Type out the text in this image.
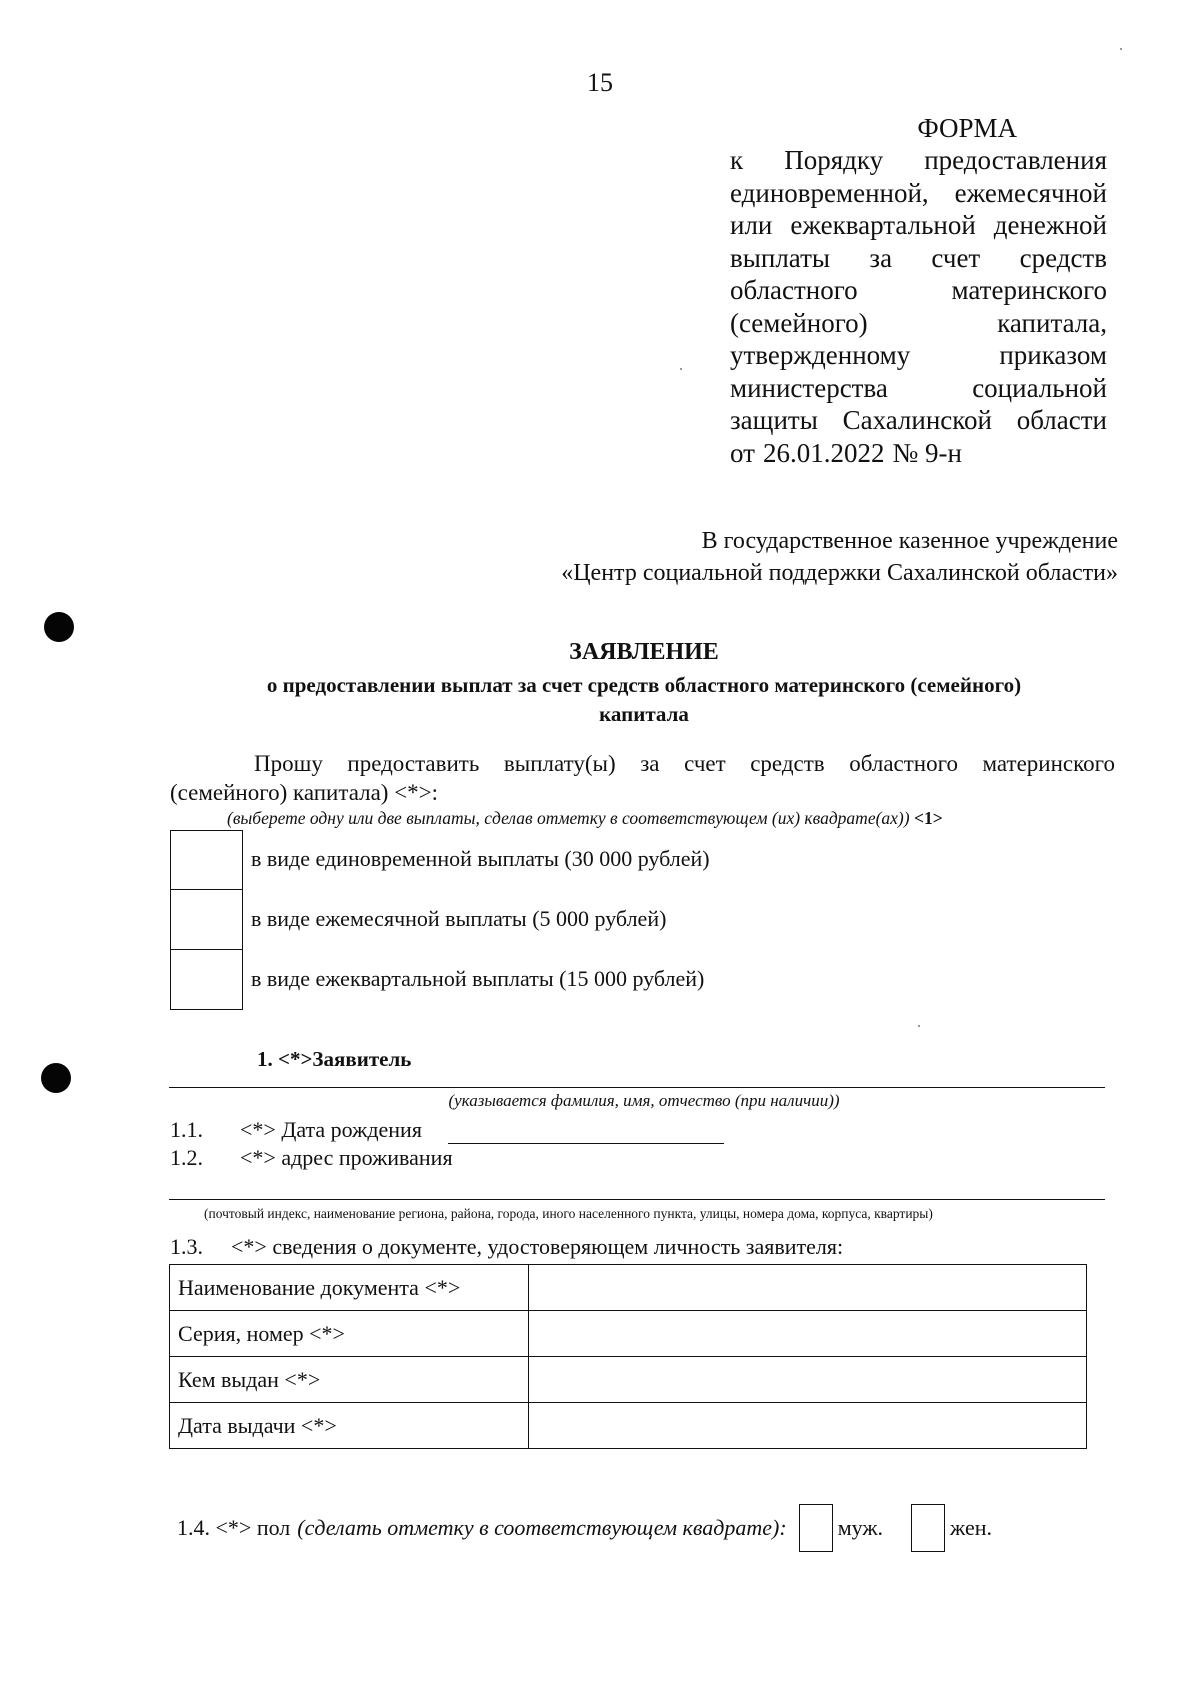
15
ФОРМА
к Порядку предоставления
единовременной, ежемесячной
или ежеквартальной денежной
выплаты за счет средств
областного	материнского
(семейного)	капитала,
утвержденному	приказом
министерства	социальной
защиты Сахалинской области
от 26.01.2022 № 9-н
В государственное казенное учреждение
«Центр социальной поддержки Сахалинской области»
ЗАЯВЛЕНИЕ
о предоставлении выплат за счет средств областного материнского (семейного)
капитала
Прошу предоставить выплату(ы) за счет средств областного материнского
(семейного) капитала) <*>:
(выберете одну или две выплаты, сделав отметку в соответствующем (их) квадрате(ах)) <1>
в виде единовременной выплаты (30 000 рублей)
в виде ежемесячной выплаты (5 000 рублей)
в виде ежеквартальной выплаты (15 000 рублей)
1. <*>Заявитель
(указывается фамилия, имя, отчество (при наличии))
1.1. <*> Дата рождения
1.2. <*> адрес проживания
(почтовый индекс, наименование региона, района, города, иного населенного пункта, улицы, номера дома, корпуса, квартиры)
1.3. <*> сведения о документе, удостоверяющем личность заявителя:
Наименование документа <*>	
Серия, номер <*>	
Кем выдан <*>	
Дата выдачи <*>	
1.4. <*> пол (сделать отметку в соответствующем квадрате): муж.	жен.
